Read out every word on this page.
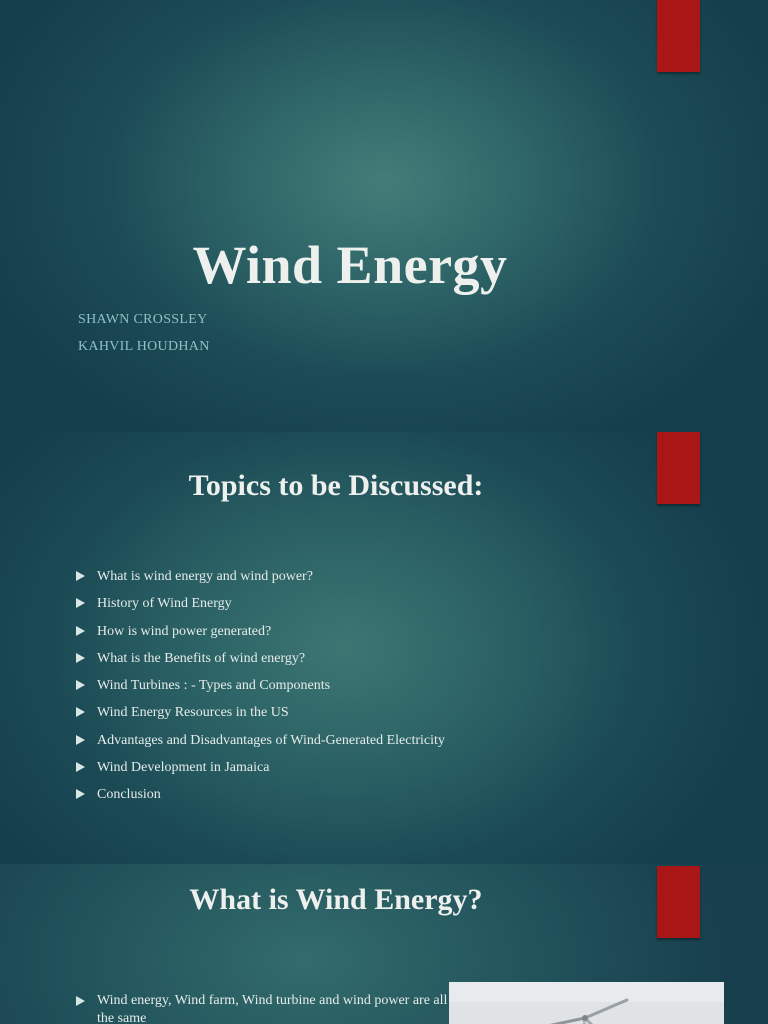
Wind Energy
SHAWN CROSSLEY
KAHVIL HOUDHAN
Topics to be Discussed:
What is wind energy and wind power?
History of Wind Energy
How is wind power generated?
What is the Benefits of wind energy?
Wind Turbines : - Types and Components
Wind Energy Resources in the US
Advantages and Disadvantages of Wind-Generated Electricity
Wind Development in Jamaica
Conclusion
What is Wind Energy?
Wind energy, Wind farm, Wind turbine and wind power are all the same
